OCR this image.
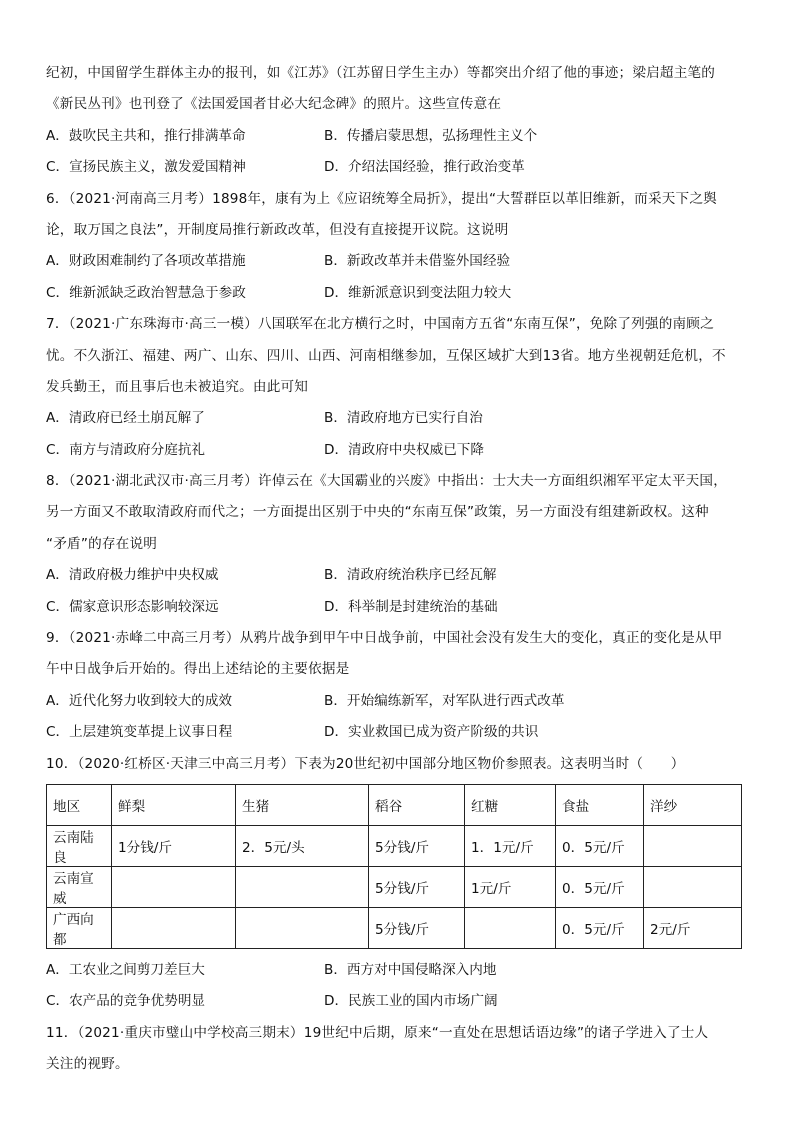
纪初，中国留学生群体主办的报刊，如《江苏》（江苏留日学生主办）等都突出介绍了他的事迹；梁启超主笔的
《新民丛刊》也刊登了《法国爱国者甘必大纪念碑》的照片。这些宣传意在
A．鼓吹民主共和，推行排满革命	B．传播启蒙思想，弘扬理性主义个
C．宣扬民族主义，激发爱国精神	D．介绍法国经验，推行政治变革
6．（2021·河南高三月考）1898年，康有为上《应诏统筹全局折》，提出“大誓群臣以革旧维新，而采天下之舆
论，取万国之良法”，开制度局推行新政改革，但没有直接提开议院。这说明
A．财政困难制约了各项改革措施	B．新政改革并未借鉴外国经验
C．维新派缺乏政治智慧急于参政	D．维新派意识到变法阻力较大
7．（2021·广东珠海市·高三一模）八国联军在北方横行之时，中国南方五省“东南互保”，免除了列强的南顾之
忧。不久浙江、福建、两广、山东、四川、山西、河南相继参加，互保区域扩大到13省。地方坐视朝廷危机，不
发兵勤王，而且事后也未被追究。由此可知
A．清政府已经土崩瓦解了	B．清政府地方已实行自治
C．南方与清政府分庭抗礼	D．清政府中央权威已下降
8．（2021·湖北武汉市·高三月考）许倬云在《大国霸业的兴废》中指出：士大夫一方面组织湘军平定太平天国，
另一方面又不敢取清政府而代之；一方面提出区别于中央的“东南互保”政策，另一方面没有组建新政权。这种
“矛盾”的存在说明
A．清政府极力维护中央权威	B．清政府统治秩序已经瓦解
C．儒家意识形态影响较深远	D．科举制是封建统治的基础
9．（2021·赤峰二中高三月考）从鸦片战争到甲午中日战争前，中国社会没有发生大的变化，真正的变化是从甲
午中日战争后开始的。得出上述结论的主要依据是
A．近代化努力收到较大的成效	B．开始编练新军，对军队进行西式改革
C．上层建筑变革提上议事日程	D．实业救国已成为资产阶级的共识
10．（2020·红桥区·天津三中高三月考）下表为20世纪初中国部分地区物价参照表。这表明当时（　　）
地区	鲜梨	生猪	稻谷	红糖	食盐	洋纱
云南陆良	1分钱/斤	2．5元/头	5分钱/斤	1．1元/斤	0．5元/斤	
云南宣威			5分钱/斤	1元/斤	0．5元/斤	
广西向都			5分钱/斤		0．5元/斤	2元/斤
A．工农业之间剪刀差巨大	B．西方对中国侵略深入内地
C．农产品的竞争优势明显	D．民族工业的国内市场广阔
11．（2021·重庆市璧山中学校高三期末）19世纪中后期，原来“一直处在思想话语边缘”的诸子学进入了士人
关注的视野。
